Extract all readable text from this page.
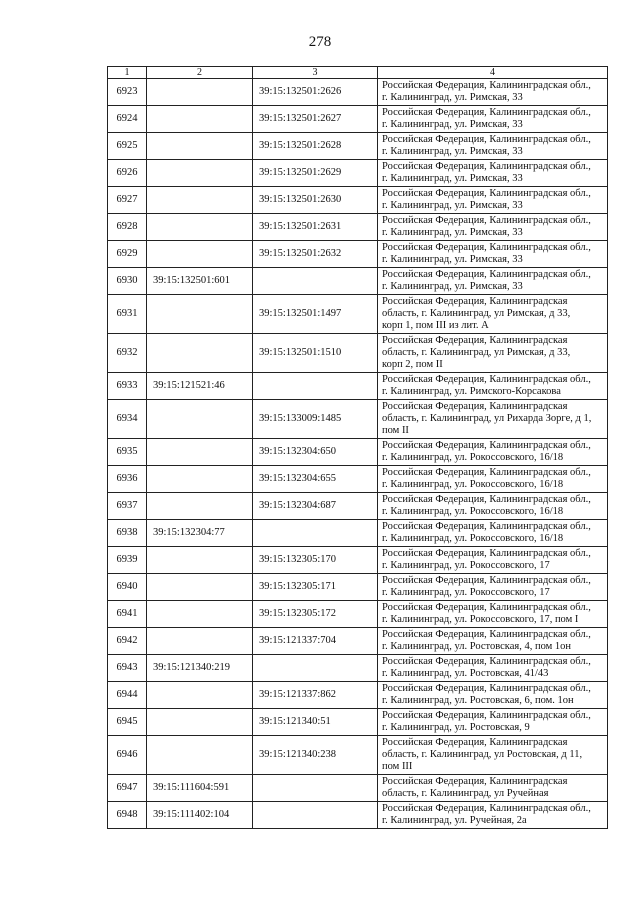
278
1	2	3	4
6923		39:15:132501:2626	Российская Федерация, Калининградская обл.,
г. Калининград, ул. Римская, 33

6924		39:15:132501:2627	Российская Федерация, Калининградская обл.,
г. Калининград, ул. Римская, 33

6925		39:15:132501:2628	Российская Федерация, Калининградская обл.,
г. Калининград, ул. Римская, 33

6926		39:15:132501:2629	Российская Федерация, Калининградская обл.,
г. Калининград, ул. Римская, 33

6927		39:15:132501:2630	Российская Федерация, Калининградская обл.,
г. Калининград, ул. Римская, 33

6928		39:15:132501:2631	Российская Федерация, Калининградская обл.,
г. Калининград, ул. Римская, 33

6929		39:15:132501:2632	Российская Федерация, Калининградская обл.,
г. Калининград, ул. Римская, 33

6930	39:15:132501:601		Российская Федерация, Калининградская обл.,
г. Калининград, ул. Римская, 33

6931		39:15:132501:1497	Российская Федерация, Калининградская
область, г. Калининград, ул Римская, д 33,
корп 1, пом III из лит. А

6932		39:15:132501:1510	Российская Федерация, Калининградская
область, г. Калининград, ул Римская, д 33,
корп 2, пом II

6933	39:15:121521:46		Российская Федерация, Калининградская обл.,
г. Калининград, ул. Римского-Корсакова

6934		39:15:133009:1485	Российская Федерация, Калининградская
область, г. Калининград, ул Рихарда Зорге, д 1,
пом II

6935		39:15:132304:650	Российская Федерация, Калининградская обл.,
г. Калининград, ул. Рокоссовского, 16/18

6936		39:15:132304:655	Российская Федерация, Калининградская обл.,
г. Калининград, ул. Рокоссовского, 16/18

6937		39:15:132304:687	Российская Федерация, Калининградская обл.,
г. Калининград, ул. Рокоссовского, 16/18

6938	39:15:132304:77		Российская Федерация, Калининградская обл.,
г. Калининград, ул. Рокоссовского, 16/18

6939		39:15:132305:170	Российская Федерация, Калининградская обл.,
г. Калининград, ул. Рокоссовского, 17

6940		39:15:132305:171	Российская Федерация, Калининградская обл.,
г. Калининград, ул. Рокоссовского, 17

6941		39:15:132305:172	Российская Федерация, Калининградская обл.,
г. Калининград, ул. Рокоссовского, 17, пом I

6942		39:15:121337:704	Российская Федерация, Калининградская обл.,
г. Калининград, ул. Ростовская, 4, пом 1он

6943	39:15:121340:219		Российская Федерация, Калининградская обл.,
г. Калининград, ул. Ростовская, 41/43

6944		39:15:121337:862	Российская Федерация, Калининградская обл.,
г. Калининград, ул. Ростовская, 6, пом. 1он

6945		39:15:121340:51	Российская Федерация, Калининградская обл.,
г. Калининград, ул. Ростовская, 9

6946		39:15:121340:238	Российская Федерация, Калининградская
область, г. Калининград, ул Ростовская, д 11,
пом III

6947	39:15:111604:591		Российская Федерация, Калининградская
область, г. Калининград, ул Ручейная

6948	39:15:111402:104		Российская Федерация, Калининградская обл.,
г. Калининград, ул. Ручейная, 2а
